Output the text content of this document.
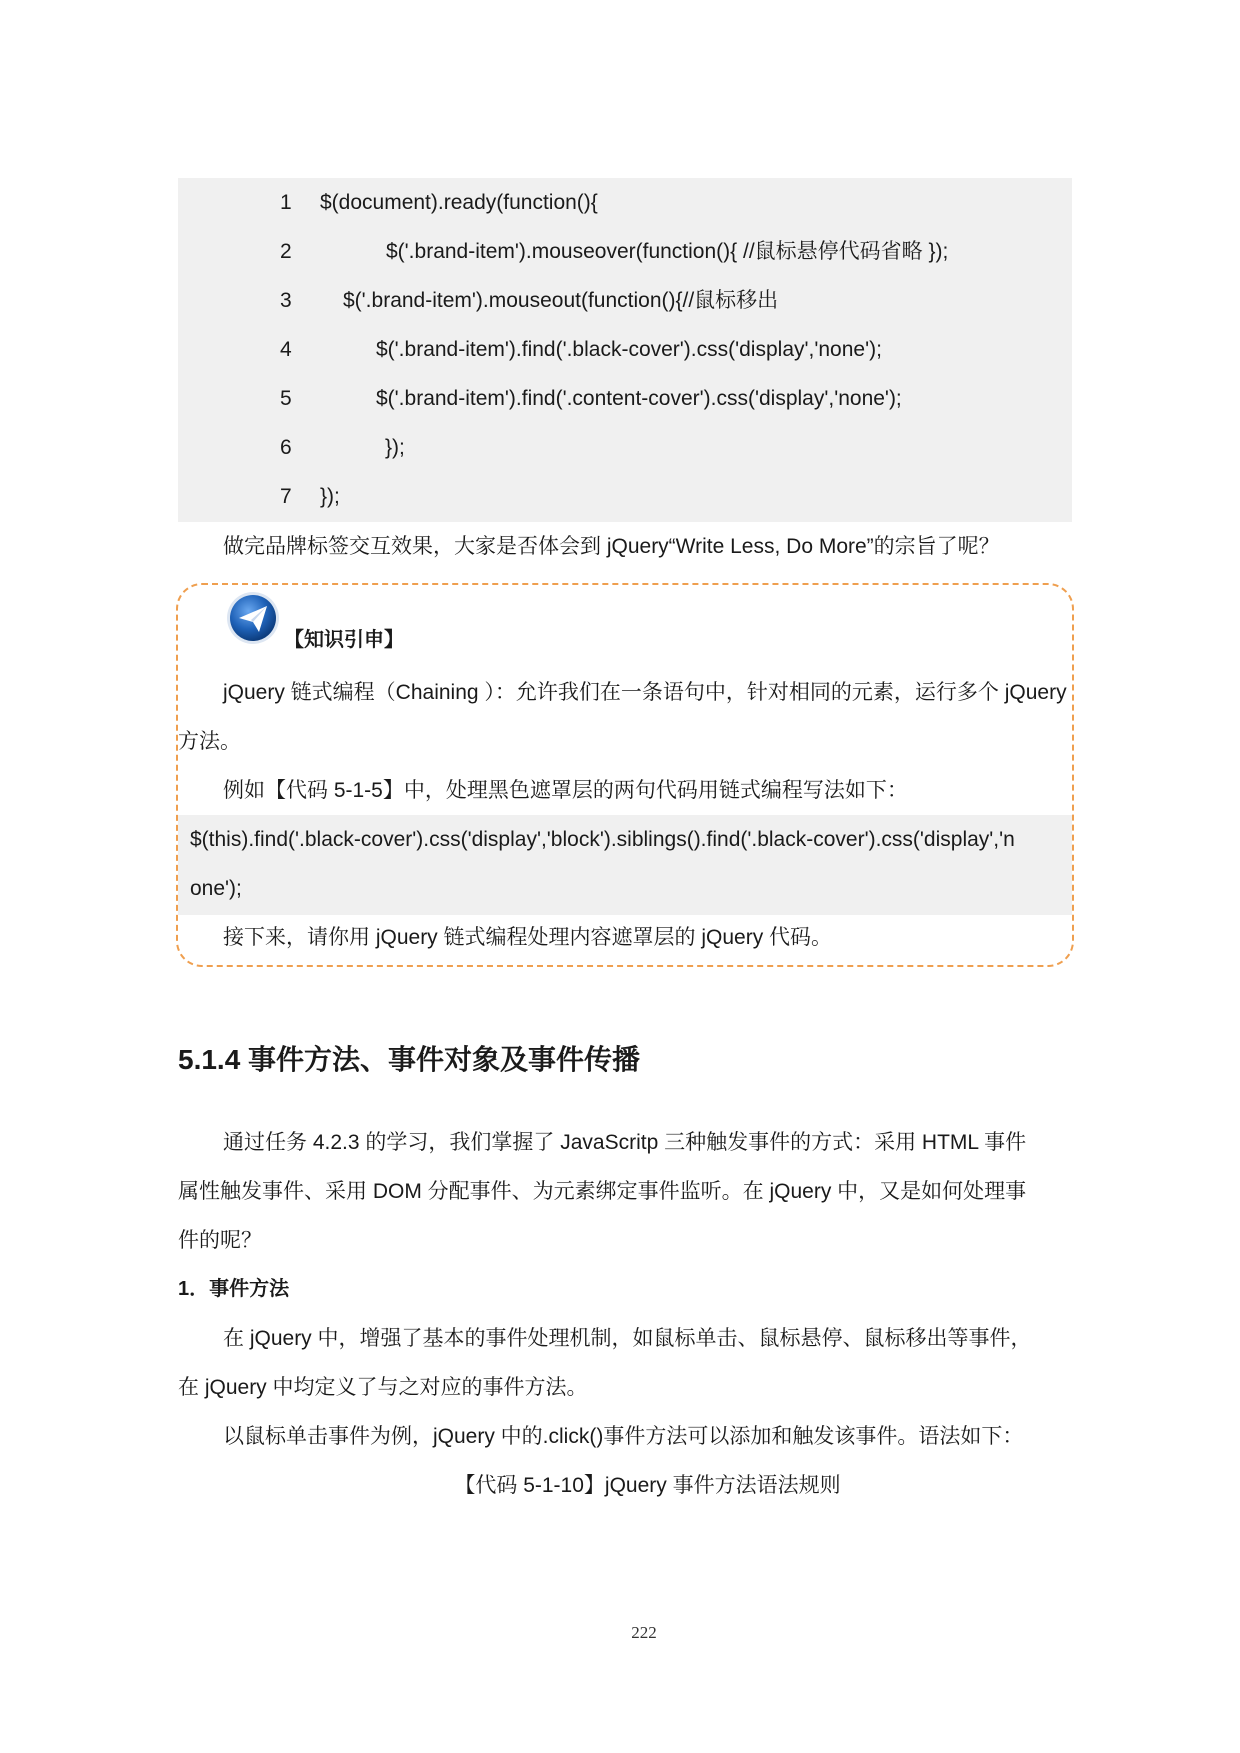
1	$(document).ready(function(){
2	$('.brand-item').mouseover(function(){ //鼠标悬停代码省略 });
3	$('.brand-item').mouseout(function(){//鼠标移出
4	$('.brand-item').find('.black-cover').css('display','none');
5	$('.brand-item').find('.content-cover').css('display','none');
6	});
7	});
做完品牌标签交互效果，大家是否体会到 jQuery“Write Less, Do More”的宗旨了呢？
【知识引申】
jQuery 链式编程（Chaining ）：允许我们在一条语句中，针对相同的元素，运行多个 jQuery
方法。
例如【代码 5-1-5】中，处理黑色遮罩层的两句代码用链式编程写法如下：
$(this).find('.black-cover').css('display','block').siblings().find('.black-cover').css('display','n
one');
接下来，请你用 jQuery 链式编程处理内容遮罩层的 jQuery 代码。
5.1.4 事件方法、事件对象及事件传播
通过任务 4.2.3 的学习，我们掌握了 JavaScritp 三种触发事件的方式：采用 HTML 事件
属性触发事件、采用 DOM 分配事件、为元素绑定事件监听。在 jQuery 中，又是如何处理事
件的呢？
1．事件方法
在 jQuery 中，增强了基本的事件处理机制，如鼠标单击、鼠标悬停、鼠标移出等事件，
在 jQuery 中均定义了与之对应的事件方法。
以鼠标单击事件为例，jQuery 中的.click()事件方法可以添加和触发该事件。语法如下：
【代码 5-1-10】jQuery 事件方法语法规则
222
